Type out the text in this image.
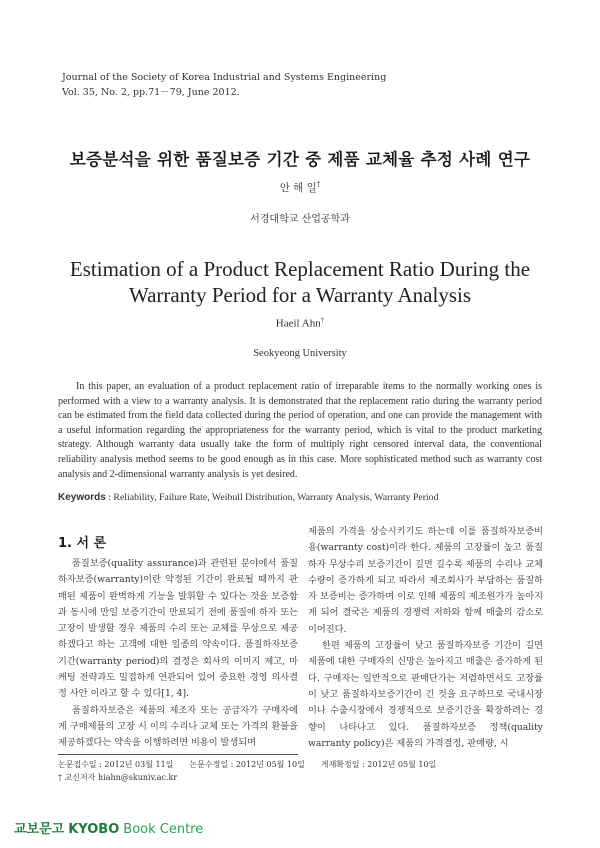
Journal of the Society of Korea Industrial and Systems Engineering
Vol. 35, No. 2, pp.71－79, June 2012.
보증분석을 위한 품질보증 기간 중 제품 교체율 추정 사례 연구
안 해 일†
서경대학교 산업공학과
Estimation of a Product Replacement Ratio During the Warranty Period for a Warranty Analysis
Haeil Ahn†
Seokyeong University
In this paper, an evaluation of a product replacement ratio of irreparable items to the normally working ones is performed with a view to a warranty analysis. It is demonstrated that the replacement ratio during the warranty period can be estimated from the field data collected during the period of operation, and one can provide the management with a useful information regarding the appropriateness for the warranty period, which is vital to the product marketing strategy. Although warranty data usually take the form of multiply right censored interval data, the conventional reliability analysis method seems to be good enough as in this case. More sophisticated method such as warranty cost analysis and 2-dimensional warranty analysis is yet desired.
Keywords : Reliability, Failure Rate, Weibull Distribution, Warranty Analysis, Warranty Period
1. 서 론

품질보증(quality assurance)과 관련된 분야에서 품질하자보증(warranty)이란 약정된 기간이 완료될 때까지 판매된 제품이 완벽하게 기능을 발휘할 수 있다는 것을 보증함과 동시에 만일 보증기간이 만료되기 전에 품질에 하자 또는 고장이 발생할 경우 제품의 수리 또는 교체를 무상으로 제공하겠다고 하는 고객에 대한 일종의 약속이다. 품질하자보증기간(warranty period)의 결정은 회사의 이미지 제고, 마케팅 전략과도 밀접하게 연관되어 있어 중요한 경영 의사결정 사안 이라고 할 수 있다[1, 4].

품질하자보증은 제품의 제조자 또는 공급자가 구매자에게 구매제품의 고장 시 이의 수리나 교체 또는 가격의 환불을 제공하겠다는 약속을 이행하려면 비용이 발생되며

제품의 가격을 상승시키기도 하는데 이를 품질하자보증비용(warranty cost)이라 한다. 제품의 고장률이 높고 품질하자 무상수리 보증기간이 길면 길수록 제품의 수리나 교체수량이 증가하게 되고 따라서 제조회사가 부담하는 품질하자 보증비는 증가하며 이로 인해 제품의 제조원가가 높아지게 되어 결국은 제품의 경쟁력 저하와 함께 매출의 감소로 이어진다.

한편 제품의 고장률이 낮고 품질하자보증 기간이 길면 제품에 대한 구매자의 신망은 높아지고 매출은 증가하게 된다. 구매자는 일반적으로 판매단가는 저렴하면서도 고장률이 낮고 품질하자보증기간이 긴 것을 요구하므로 국내시장이나 수출시장에서 경쟁적으로 보증기간을 확장하려는 경향이 나타나고 있다. 품질하자보증 정책(quality warranty policy)은 제품의 가격결정, 판매량, 시

논문접수일 : 2012년 03월 11일 논문수정일 : 2012년 05월 10일 게재확정일 : 2012년 05월 10일
† 교신저자 hiahn@skuniv.ac.kr
교보문고 KYOBO Book Centre
